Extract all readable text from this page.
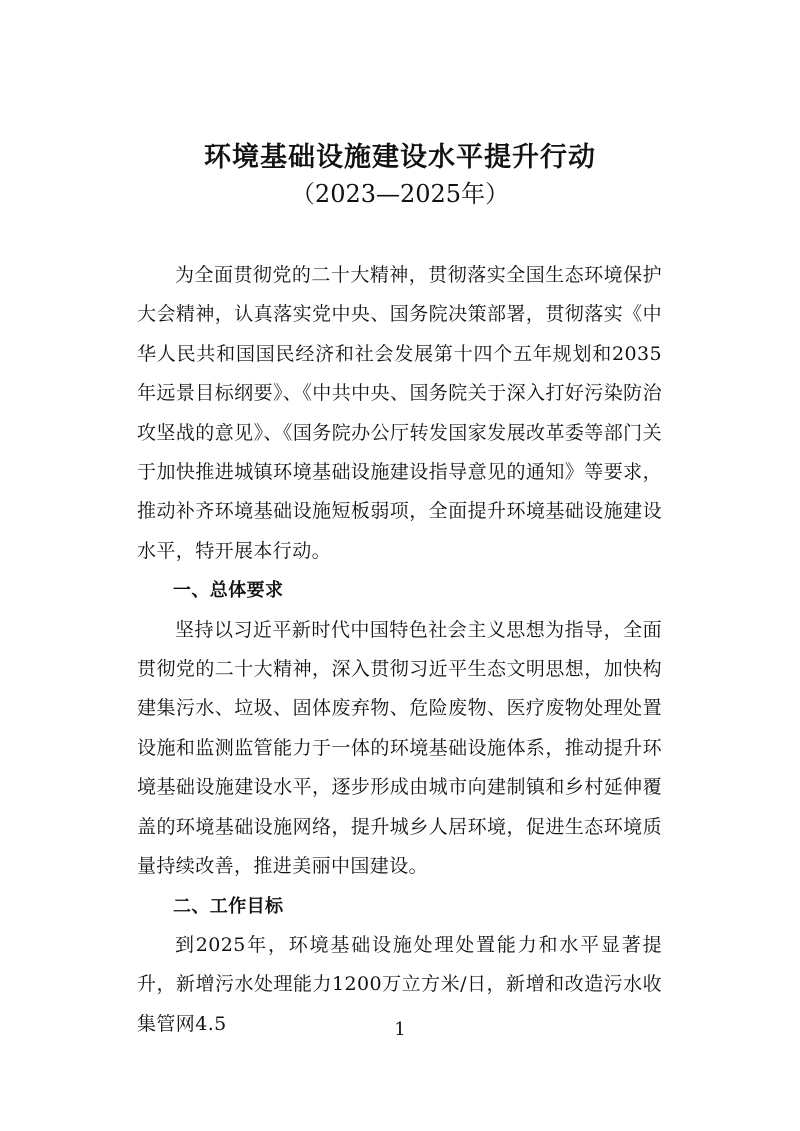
环境基础设施建设水平提升行动
（2023—2025年）

为全面贯彻党的二十大精神，贯彻落实全国生态环境保护大会精神，认真落实党中央、国务院决策部署，贯彻落实《中华人民共和国国民经济和社会发展第十四个五年规划和2035年远景目标纲要》、《中共中央、国务院关于深入打好污染防治攻坚战的意见》、《国务院办公厅转发国家发展改革委等部门关于加快推进城镇环境基础设施建设指导意见的通知》等要求，推动补齐环境基础设施短板弱项，全面提升环境基础设施建设水平，特开展本行动。

一、总体要求

坚持以习近平新时代中国特色社会主义思想为指导，全面贯彻党的二十大精神，深入贯彻习近平生态文明思想，加快构建集污水、垃圾、固体废弃物、危险废物、医疗废物处理处置设施和监测监管能力于一体的环境基础设施体系，推动提升环境基础设施建设水平，逐步形成由城市向建制镇和乡村延伸覆盖的环境基础设施网络，提升城乡人居环境，促进生态环境质量持续改善，推进美丽中国建设。

二、工作目标

到2025年，环境基础设施处理处置能力和水平显著提升，新增污水处理能力1200万立方米/日，新增和改造污水收集管网4.5	1
